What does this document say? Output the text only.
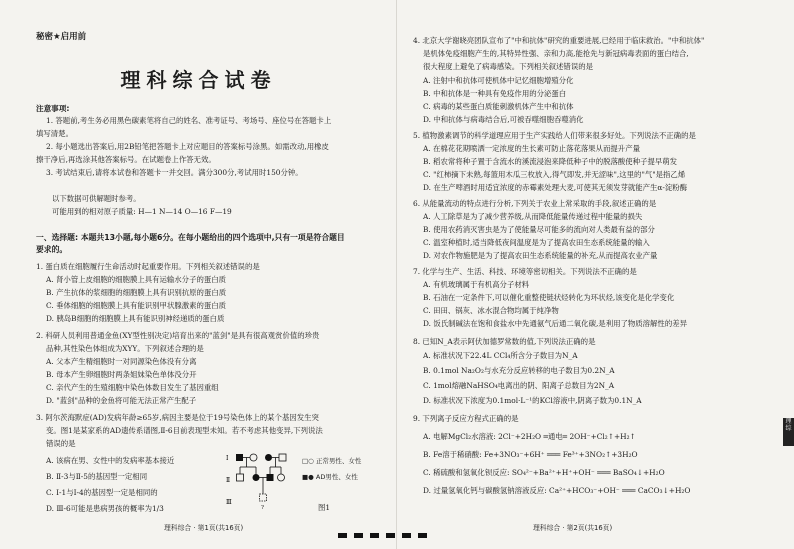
秘密★启用前
理科综合试卷
注意事项:
1. 答题前,考生务必用黑色碳素笔将自己的姓名、准考证号、考场号、座位号在答题卡上
填写清楚。
2. 每小题选出答案后,用2B铅笔把答题卡上对应题目的答案标号涂黑。如需改动,用橡皮
擦干净后,再选涂其他答案标号。在试题卷上作答无效。
3. 考试结束后,请将本试卷和答题卡一并交回。满分300分,考试用时150分钟。
以下数据可供解题时参考。
可能用到的相对原子质量: H—1 N—14 O—16 F—19
一、选择题: 本题共13小题,每小题6分。在每小题给出的四个选项中,只有一项是符合题目
要求的。
1. 蛋白质在细胞履行生命活动时起重要作用。下列相关叙述错误的是
A. 肾小管上皮细胞的细胞膜上具有运输水分子的蛋白质
B. 产生抗体的浆细胞的细胞膜上具有识别抗原的蛋白质
C. 垂体细胞的细胞膜上具有能识别甲状腺激素的蛋白质
D. 胰岛B细胞的细胞膜上具有能识别神经递质的蛋白质
2. 科研人员利用普通金鱼(XY型性别决定)培育出来的"蓝剑"是具有很高观赏价值的珍贵
品种,其性染色体组成为XYY。下列叙述合理的是
A. 父本产生精细胞时一对同源染色体没有分离
B. 母本产生卵细胞时两条姐妹染色单体没分开
C. 亲代产生的生殖细胞中染色体数目发生了基因重组
D. "蓝剑"品种的金鱼将可能无法正常产生配子
3. 阿尔茨海默症(AD)发病年龄≥65岁,病因主要是位于19号染色体上的某个基因发生突
变。图1是某家系的AD遗传系谱图,Ⅱ-6目前表现型未知。若不考虑其他变异,下列说法
错误的是
A. 该病在男、女性中的发病率基本接近
B. Ⅱ-3与Ⅱ-5的基因型一定相同
C. Ⅰ-1与Ⅰ-4的基因型一定是相同的
D. Ⅲ-6可能是患病男孩的概率为1/3
Ⅰ
Ⅱ
Ⅲ
?
□○ 正常男性、女性
■● AD男性、女性
图1
理科综合 · 第1页(共16页)
4. 北京大学谢晓亮团队宣布了"中和抗体"研究的重要进展,已经用于临床救治。"中和抗体"
是机体免疫细胞产生的,其特异性强、亲和力高,能抢先与新冠病毒表面的蛋白结合,
很大程度上避免了病毒感染。下列相关叙述错误的是
A. 注射中和抗体可使机体中记忆细胞增殖分化
B. 中和抗体是一种具有免疫作用的分泌蛋白
C. 病毒的某些蛋白质能刺激机体产生中和抗体
D. 中和抗体与病毒结合后,可被吞噬细胞吞噬消化
5. 植物激素调节的科学道理应用于生产实践给人们带来很多好处。下列说法不正确的是
A. 在棉花花期喷洒一定浓度的生长素可防止落花落果从而提升产量
B. 稻农常将种子置于含流水的溪流浸泡来降低种子中的脱落酸使种子提早萌发
C. "红柿摘下未熟,每篮用木瓜三枚放入,得气即发,并无涩味",这里的"气"是指乙烯
D. 在生产啤酒时用适宜浓度的赤霉素处理大麦,可使其无须发芽就能产生α-淀粉酶
6. 从能量流动的特点进行分析,下列关于农业上常采取的手段,叙述正确的是
A. 人工除草是为了减少营养级,从而降低能量传递过程中能量的损失
B. 使用农药消灭害虫是为了使能量尽可能多的流向对人类最有益的部分
C. 温室种植时,适当降低夜间温度是为了提高农田生态系统能量的输入
D. 对农作物施肥是为了提高农田生态系统能量的补充,从而提高农业产量
7. 化学与生产、生活、科技、环境等密切相关。下列说法不正确的是
A. 有机玻璃属于有机高分子材料
B. 石油在一定条件下,可以催化重整使链状烃转化为环状烃,该变化是化学变化
C. 田田、锅灰、冰水混合物均属于纯净物
D. 饭氏制碱法在饱和食盐水中先通氨气后通二氧化碳,是利用了物质溶解性的差异
8. 已知N_A表示阿伏加德罗常数的值,下列说法正确的是
A. 标准状况下22.4L CCl₄所含分子数目为N_A
B. 0.1mol Na₂O₂与水充分反应转移的电子数目为0.2N_A
C. 1mol熔融NaHSO₄电离出的阴、阳离子总数目为2N_A
D. 标准状况下浓度为0.1mol·L⁻¹的KCl溶液中,阴离子数为0.1N_A
9. 下列离子反应方程式正确的是
A. 电解MgCl₂水溶液: 2Cl⁻+2H₂O ═通电═ 2OH⁻+Cl₂↑+H₂↑
B. Fe溶于稀硝酸: Fe+3NO₃⁻+6H⁺ ═══ Fe³⁺+3NO₂↑+3H₂O
C. 稀硫酸和氢氧化钡反应: SO₄²⁻+Ba²⁺+H⁺+OH⁻ ═══ BaSO₄↓+H₂O
D. 过量氢氧化钙与碳酸氢钠溶液反应: Ca²⁺+HCO₃⁻+OH⁻ ═══ CaCO₃↓+H₂O
理科综合 · 第2页(共16页)
理综
